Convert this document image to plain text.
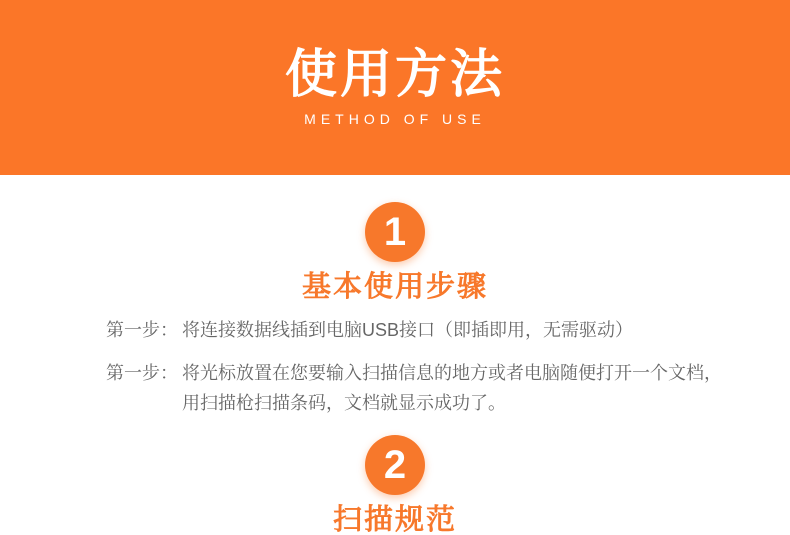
使用方法
METHOD OF USE
1
基本使用步骤
第一步： 将连接数据线插到电脑USB接口（即插即用，无需驱动）
第一步： 将光标放置在您要输入扫描信息的地方或者电脑随便打开一个文档，
用扫描枪扫描条码，文档就显示成功了。
2
扫描规范
